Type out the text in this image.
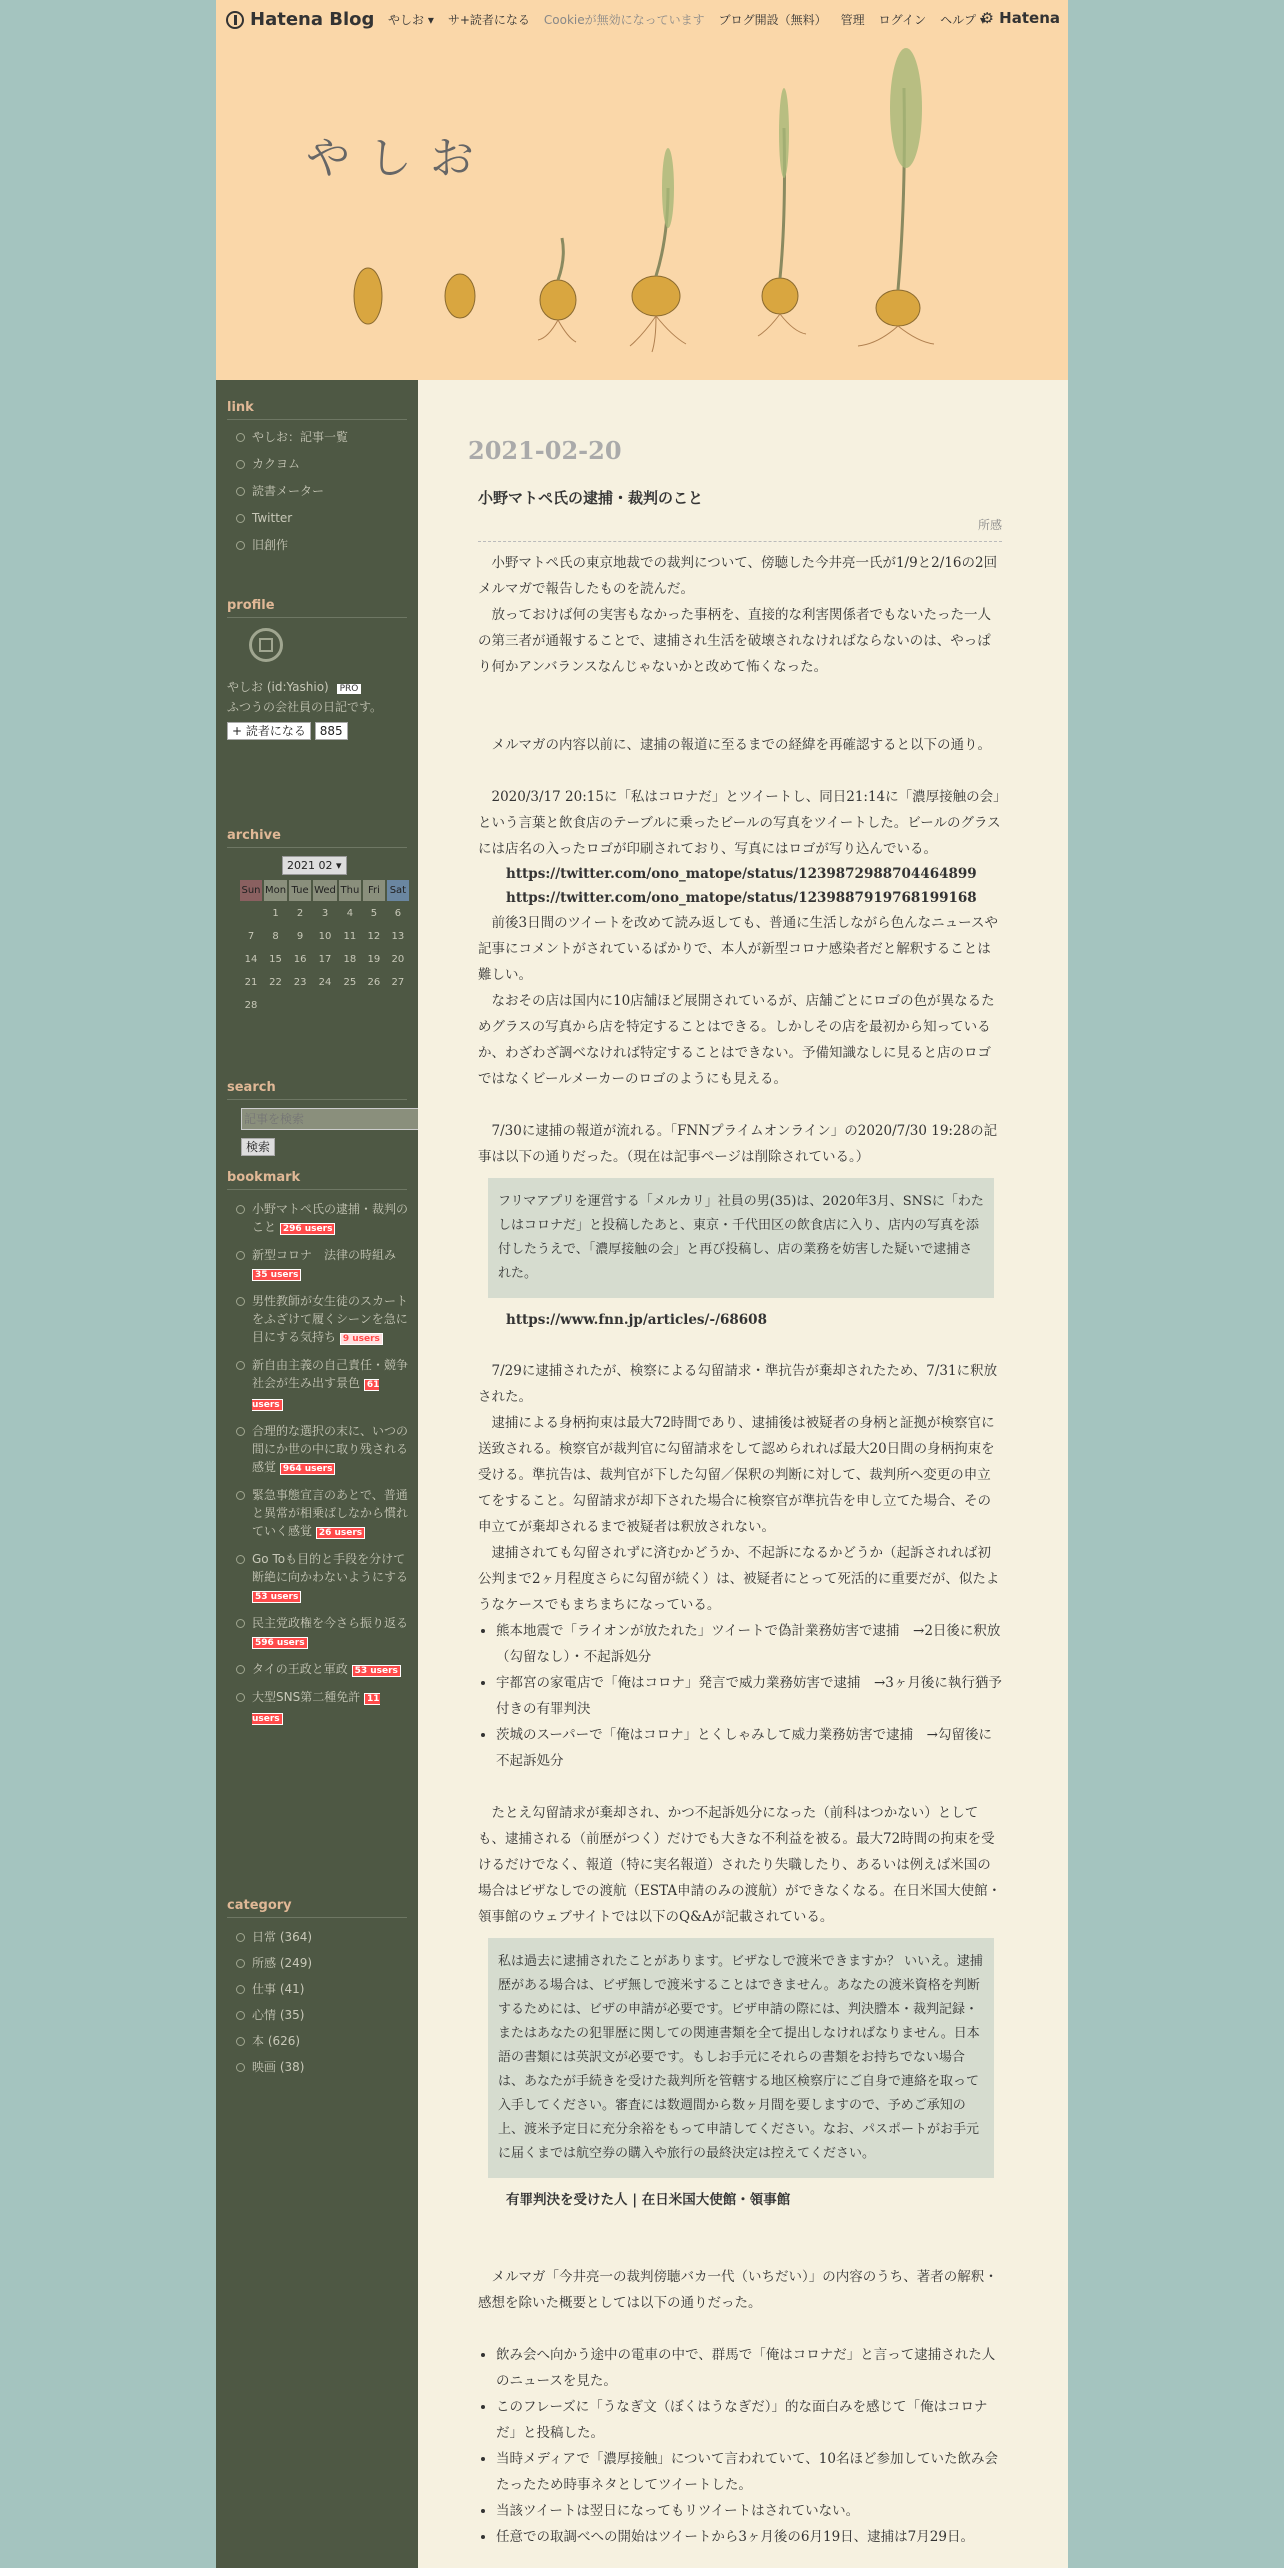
Hatena Blog やしお ▾ サ+読者になる Cookieが無効になっています ブログ開設（無料） 管理 ログイン ヘルプ ▾
⚙ Hatena
やしお
link
やしお：記事一覧
カクヨム
読書メーター
Twitter
旧創作
profile
やしお (id:Yashio) PRO
ふつうの会社員の日記です。
+ 読者になる 885
archive
2021 02 ▾
Sun	Mon	Tue	Wed	Thu	Fri	Sat
	1	2	3	4	5	6
7	8	9	10	11	12	13
14	15	16	17	18	19	20
21	22	23	24	25	26	27
28						
search
記事を検索
検索
bookmark
小野マトペ氏の逮捕・裁判のこと 296 users
新型コロナ　法律の時組み 35 users
男性教師が女生徒のスカートをふざけて履くシーンを急に目にする気持ち 9 users
新自由主義の自己責任・競争社会が生み出す景色 61 users
合理的な選択の末に、いつの間にか世の中に取り残される感覚 964 users
緊急事態宣言のあとで、普通と異常が相乗ばしなから慣れていく感覚 26 users
Go Toも目的と手段を分けて断絶に向かわないようにする 53 users
民主党政権を今さら振り返る 596 users
タイの王政と軍政 53 users
大型SNS第二種免許 11 users
category
日常 (364)
所感 (249)
仕事 (41)
心情 (35)
本 (626)
映画 (38)
2021-02-20
小野マトペ氏の逮捕・裁判のこと
所感

小野マトペ氏の東京地裁での裁判について、傍聴した今井亮一氏が1/9と2/16の2回メルマガで報告したものを読んだ。

放っておけば何の実害もなかった事柄を、直接的な利害関係者でもないたった一人の第三者が通報することで、逮捕され生活を破壊されなければならないのは、やっぱり何かアンバランスなんじゃないかと改めて怖くなった。

メルマガの内容以前に、逮捕の報道に至るまでの経緯を再確認すると以下の通り。

2020/3/17 20:15に「私はコロナだ」とツイートし、同日21:14に「濃厚接触の会」という言葉と飲食店のテーブルに乗ったビールの写真をツイートした。ビールのグラスには店名の入ったロゴが印刷されており、写真にはロゴが写り込んでいる。

https://twitter.com/ono_matope/status/1239872988704464899
https://twitter.com/ono_matope/status/1239887919768199168

前後3日間のツイートを改めて読み返しても、普通に生活しながら色んなニュースや記事にコメントがされているばかりで、本人が新型コロナ感染者だと解釈することは難しい。

なおその店は国内に10店舗ほど展開されているが、店舗ごとにロゴの色が異なるためグラスの写真から店を特定することはできる。しかしその店を最初から知っているか、わざわざ調べなければ特定することはできない。予備知識なしに見ると店のロゴではなくビールメーカーのロゴのようにも見える。

7/30に逮捕の報道が流れる。「FNNプライムオンライン」の2020/7/30 19:28の記事は以下の通りだった。（現在は記事ページは削除されている。）

フリマアプリを運営する「メルカリ」社員の男(35)は、2020年3月、SNSに「わたしはコロナだ」と投稿したあと、東京・千代田区の飲食店に入り、店内の写真を添付したうえで、「濃厚接触の会」と再び投稿し、店の業務を妨害した疑いで逮捕された。
https://www.fnn.jp/articles/-/68608

7/29に逮捕されたが、検察による勾留請求・準抗告が棄却されたため、7/31に釈放された。

逮捕による身柄拘束は最大72時間であり、逮捕後は被疑者の身柄と証拠が検察官に送致される。検察官が裁判官に勾留請求をして認められれば最大20日間の身柄拘束を受ける。準抗告は、裁判官が下した勾留／保釈の判断に対して、裁判所へ変更の申立てをすること。勾留請求が却下された場合に検察官が準抗告を申し立てた場合、その申立てが棄却されるまで被疑者は釈放されない。

逮捕されても勾留されずに済むかどうか、不起訴になるかどうか（起訴されれば初公判まで2ヶ月程度さらに勾留が続く）は、被疑者にとって死活的に重要だが、似たようなケースでもまちまちになっている。

• 熊本地震で「ライオンが放たれた」ツイートで偽計業務妨害で逮捕　→2日後に釈放（勾留なし）・不起訴処分
• 宇都宮の家電店で「俺はコロナ」発言で威力業務妨害で逮捕　→3ヶ月後に執行猶予付きの有罪判決
• 茨城のスーパーで「俺はコロナ」とくしゃみして威力業務妨害で逮捕　→勾留後に不起訴処分

たとえ勾留請求が棄却され、かつ不起訴処分になった（前科はつかない）としても、逮捕される（前歴がつく）だけでも大きな不利益を被る。最大72時間の拘束を受けるだけでなく、報道（特に実名報道）されたり失職したり、あるいは例えば米国の場合はビザなしでの渡航（ESTA申請のみの渡航）ができなくなる。在日米国大使館・領事館のウェブサイトでは以下のQ&Aが記載されている。

私は過去に逮捕されたことがあります。ビザなしで渡米できますか？ いいえ。逮捕歴がある場合は、ビザ無しで渡米することはできません。あなたの渡米資格を判断するためには、ビザの申請が必要です。ビザ申請の際には、判決謄本・裁判記録・またはあなたの犯罪歴に関しての関連書類を全て提出しなければなりません。日本語の書類には英訳文が必要です。もしお手元にそれらの書類をお持ちでない場合は、あなたが手続きを受けた裁判所を管轄する地区検察庁にご自身で連絡を取って入手してください。審査には数週間から数ヶ月間を要しますので、予めご承知の上、渡米予定日に充分余裕をもって申請してください。なお、パスポートがお手元に届くまでは航空券の購入や旅行の最終決定は控えてください。
有罪判決を受けた人 | 在日米国大使館・領事館

メルマガ「今井亮一の裁判傍聴バカ一代（いちだい）」の内容のうち、著者の解釈・感想を除いた概要としては以下の通りだった。

• 飲み会へ向かう途中の電車の中で、群馬で「俺はコロナだ」と言って逮捕された人のニュースを見た。
• このフレーズに「うなぎ文（ぼくはうなぎだ）」的な面白みを感じて「俺はコロナだ」と投稿した。
• 当時メディアで「濃厚接触」について言われていて、10名ほど参加していた飲み会たったため時事ネタとしてツイートした。
• 当該ツイートは翌日になってもリツイートはされていない。
• 任意での取調べへの開始はツイートから3ヶ月後の6月19日、逮捕は7月29日。
